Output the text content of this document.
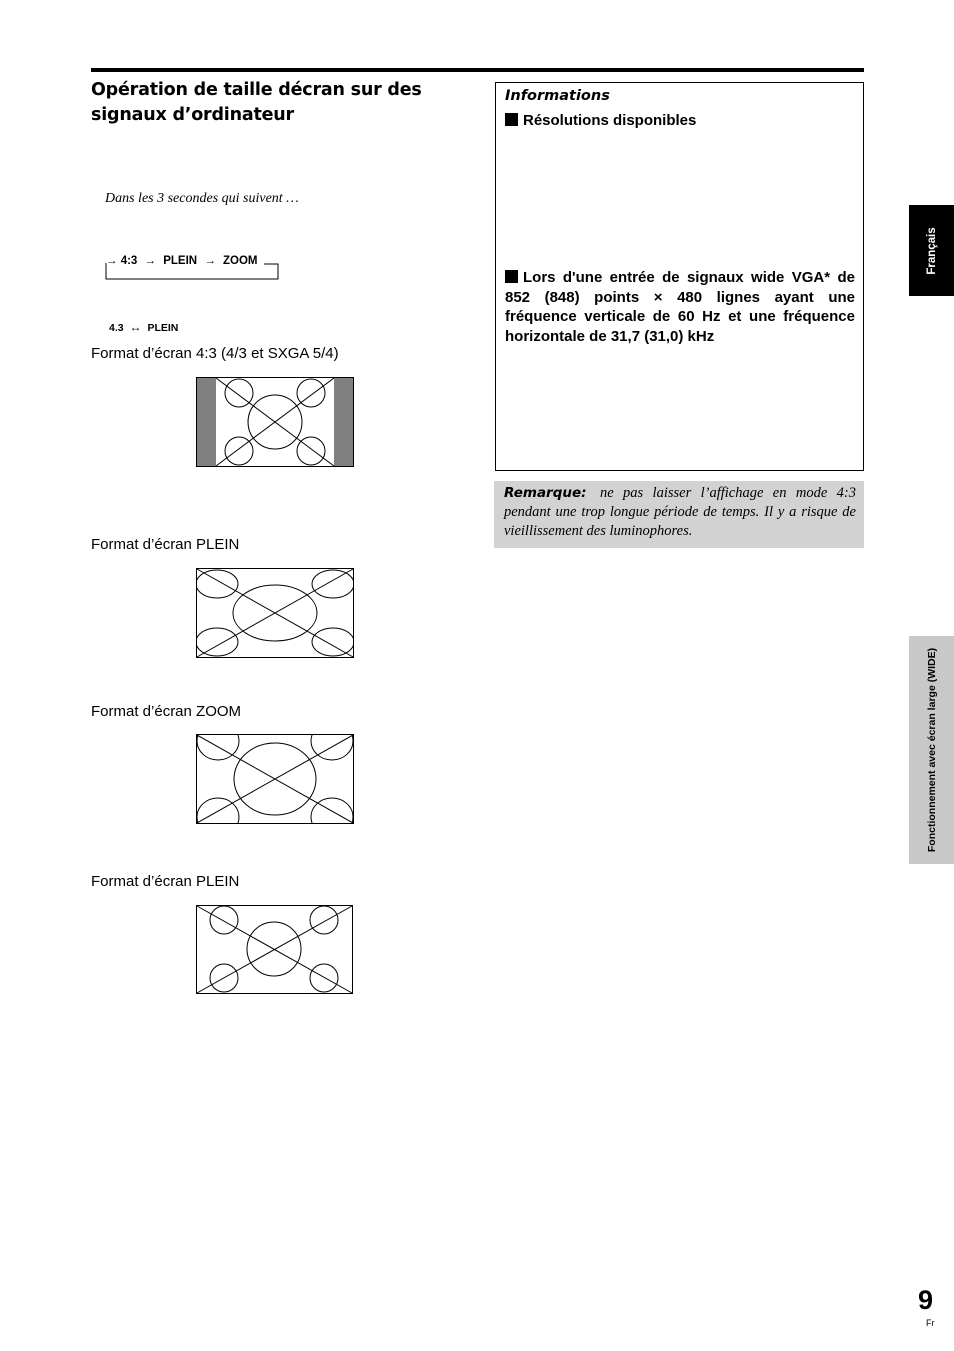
Opération de taille décran sur des
signaux d’ordinateur
Dans les 3 secondes qui suivent …
→ 4:3 → PLEIN → ZOOM
4.3 ↔ PLEIN
Format d’écran 4:3 (4/3 et SXGA 5/4)
Format d’écran PLEIN
Format d’écran ZOOM
Format d’écran PLEIN
Informations
Résolutions disponibles
Lors d'une entrée de signaux wide VGA* de 852 (848) points × 480 lignes ayant une fréquence verticale de 60 Hz et une fréquence horizontale de 31,7 (31,0) kHz
Remarque: ne pas laisser l’affichage en mode 4:3 pendant une trop longue période de temps. Il y a risque de vieillissement des luminophores.
Français
Fonctionnement avec écran large (WIDE)
9
Fr
